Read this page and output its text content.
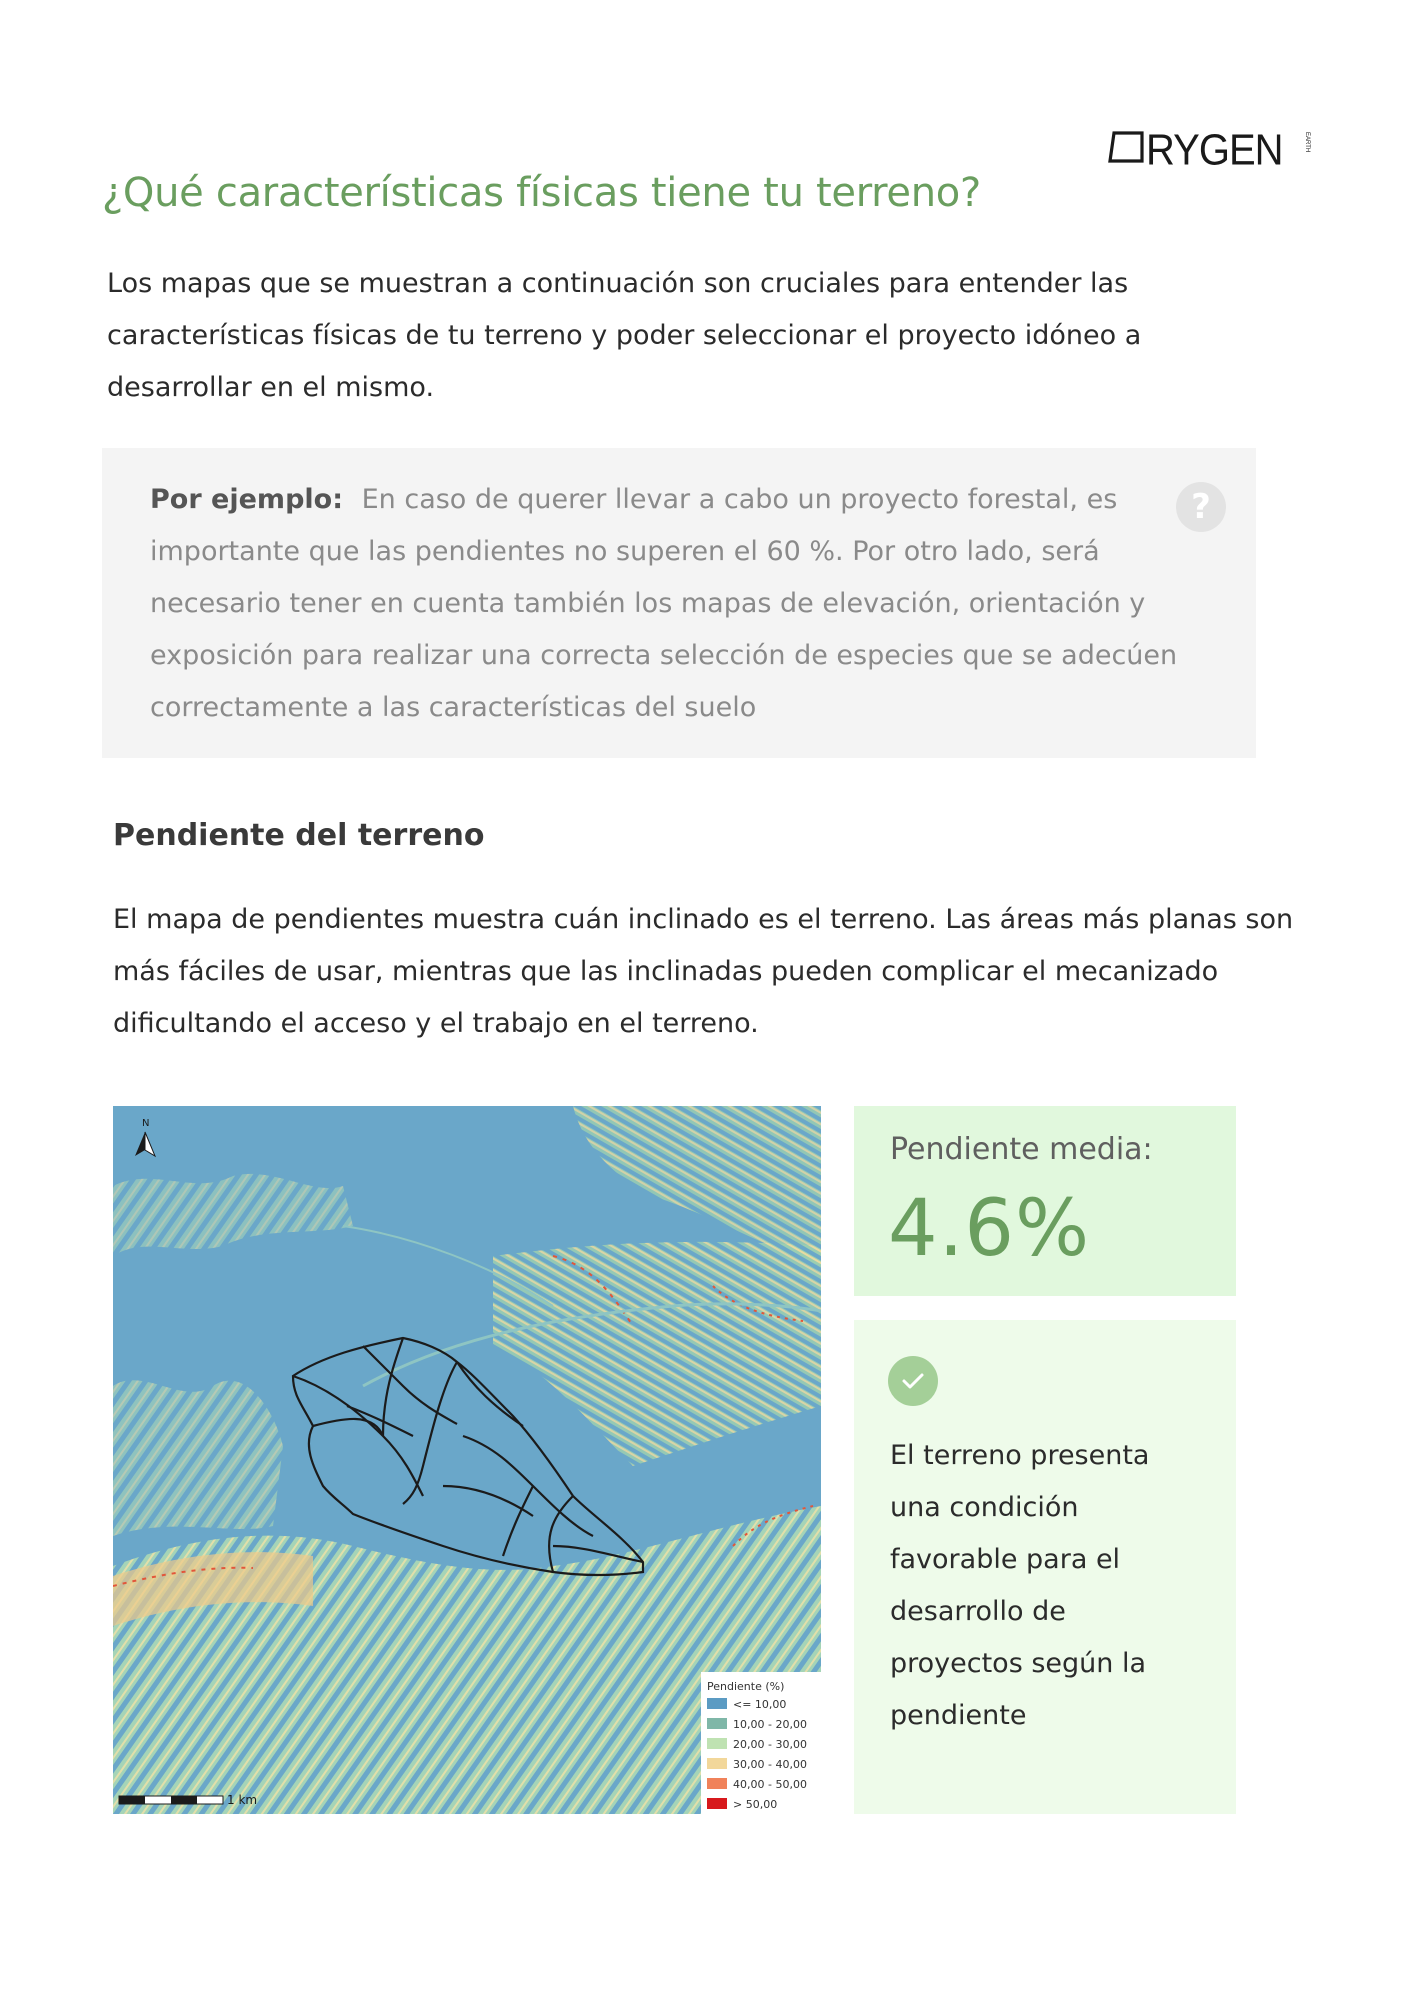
RYGEN	EARTH
¿Qué características físicas tiene tu terreno?

Los mapas que se muestran a continuación son cruciales para entender las características físicas de tu terreno y poder seleccionar el proyecto idóneo a desarrollar en el mismo.

Por ejemplo: En caso de querer llevar a cabo un proyecto forestal, es importante que las pendientes no superen el 60 %. Por otro lado, será necesario tener en cuenta también los mapas de elevación, orientación y exposición para realizar una correcta selección de especies que se adecúen correctamente a las características del suelo

?
Pendiente del terreno

El mapa de pendientes muestra cuán inclinado es el terreno. Las áreas más planas son más fáciles de usar, mientras que las inclinadas pueden complicar el mecanizado dificultando el acceso y el trabajo en el terreno.

N
1 km
Pendiente (%)
<= 10,00
10,00 - 20,00
20,00 - 30,00
30,00 - 40,00
40,00 - 50,00
> 50,00
Pendiente media:
4.6%

El terreno presenta una condición favorable para el desarrollo de proyectos según la pendiente
